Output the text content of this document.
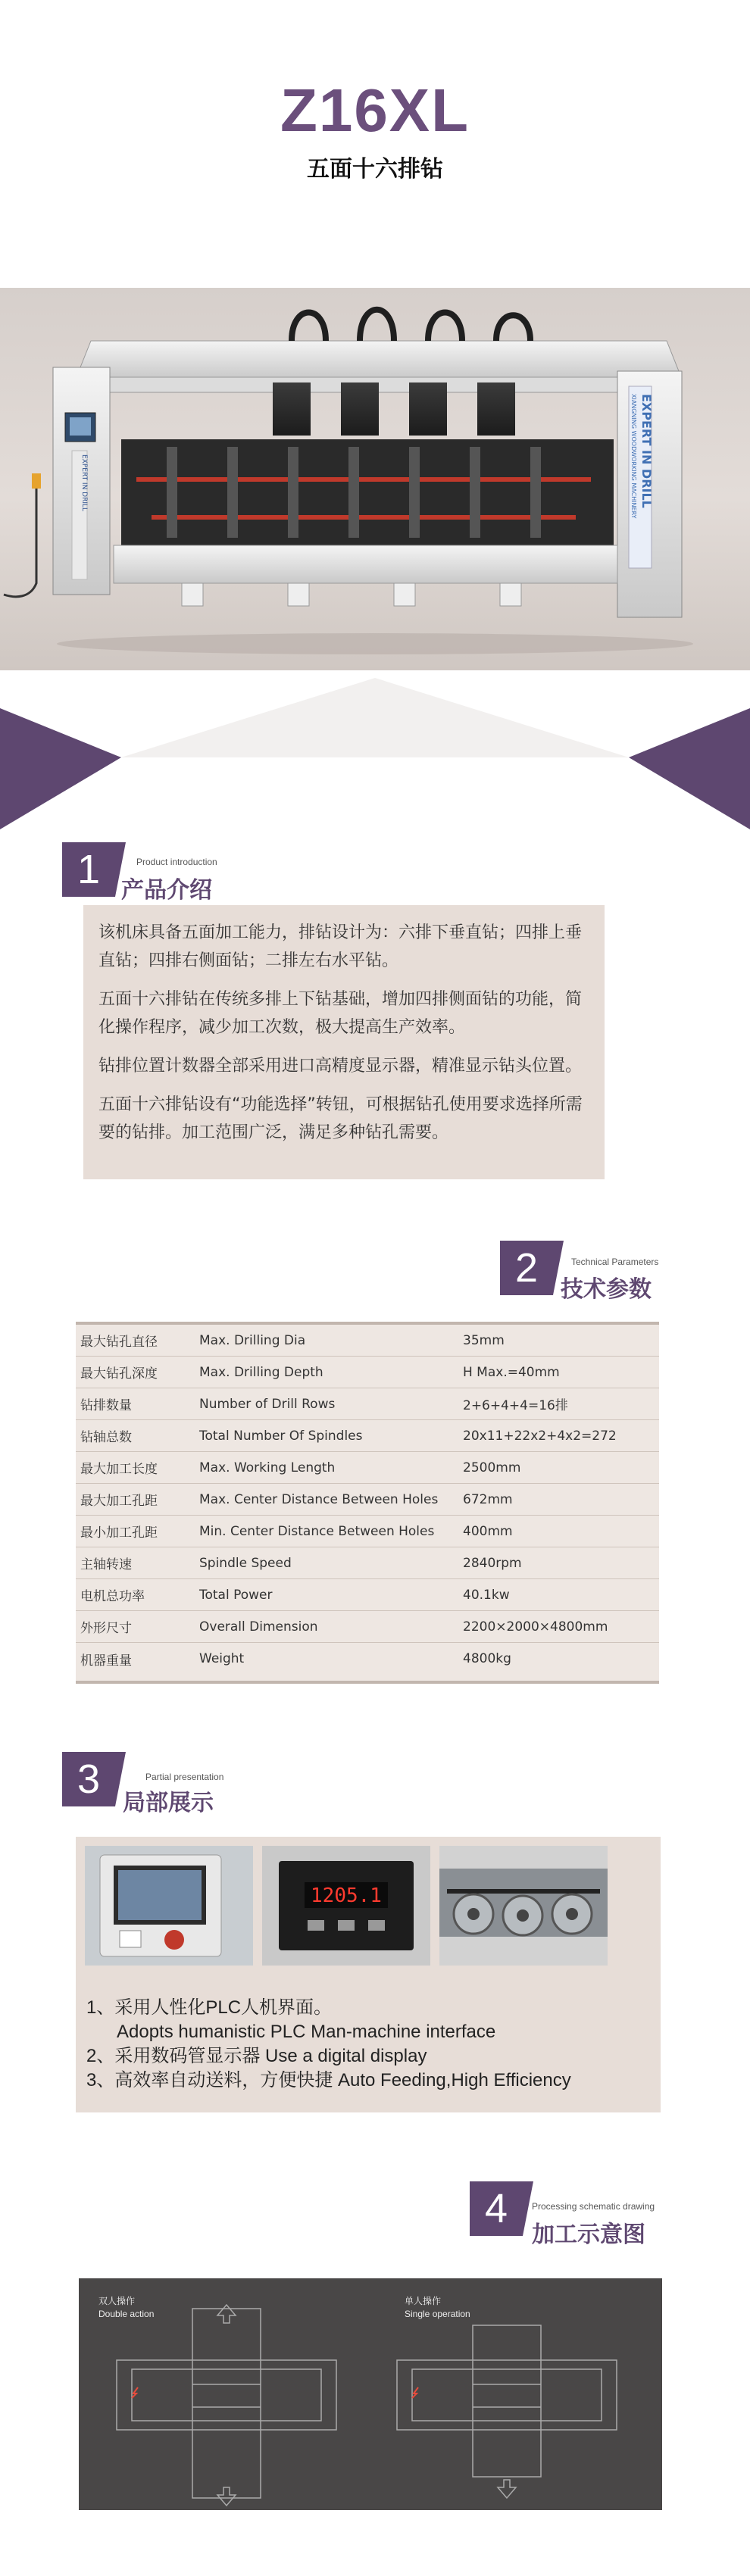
Z16XL
五面十六排钻
EXPERT IN DRILL	EXPERT IN DRILL
XIANGNING WOODWORKING MACHINERY
1	Product introduction
产品介绍

该机床具备五面加工能力，排钻设计为：六排下垂直钻；四排上垂直钻；四排右侧面钻；二排左右水平钻。

五面十六排钻在传统多排上下钻基础，增加四排侧面钻的功能，简化操作程序，减少加工次数，极大提高生产效率。

钻排位置计数器全部采用进口高精度显示器，精准显示钻头位置。

五面十六排钻设有“功能选择”转钮，可根据钻孔使用要求选择所需要的钻排。加工范围广泛，满足多种钻孔需要。

2	Technical Parameters
技术参数
最大钻孔直径	Max. Drilling Dia	35mm
最大钻孔深度	Max. Drilling Depth	H Max.=40mm
钻排数量	Number of Drill Rows	2+6+4+4=16排
钻轴总数	Total Number Of Spindles	20x11+22x2+4x2=272
最大加工长度	Max. Working Length	2500mm
最大加工孔距	Max. Center Distance Between Holes	672mm
最小加工孔距	Min. Center Distance Between Holes	400mm
主轴转速	Spindle Speed	2840rpm
电机总功率	Total Power	40.1kw
外形尺寸	Overall Dimension	2200×2000×4800mm
机器重量	Weight	4800kg
3	Partial presentation
局部展示
1205.1
1、采用人性化PLC人机界面。
Adopts humanistic PLC Man-machine interface
2、采用数码管显示器 Use a digital display
3、高效率自动送料，方便快捷 Auto Feeding,High Efficiency
4	Processing schematic drawing
加工示意图
双人操作
Double action
单人操作
Single operation
